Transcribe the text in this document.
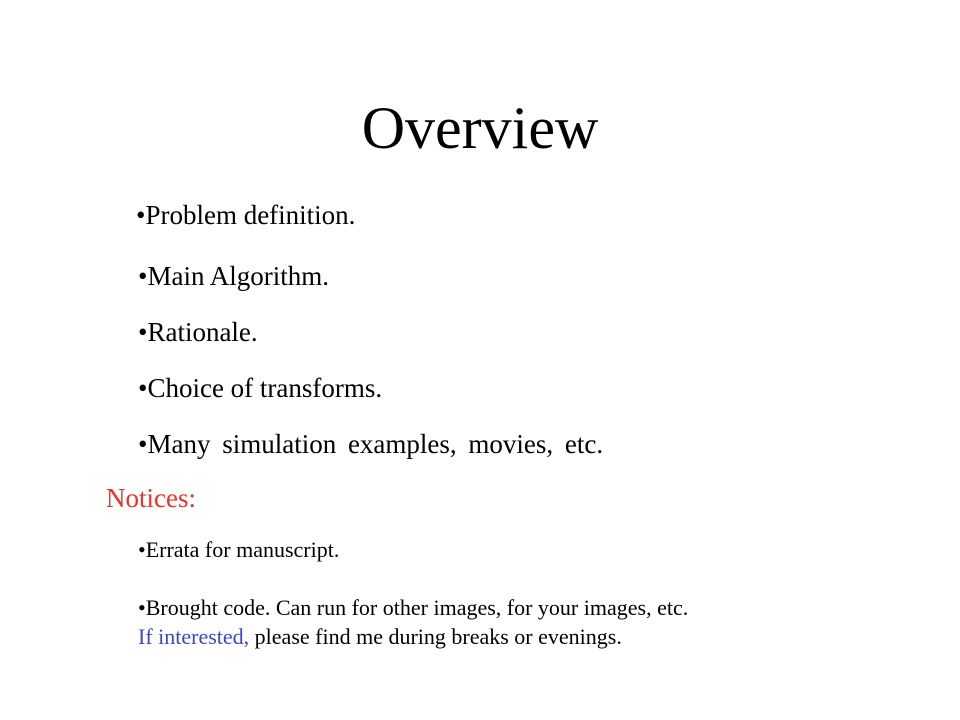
Overview
•Problem definition.
•Main Algorithm.
•Rationale.
•Choice of transforms.
•Many simulation examples, movies, etc.
Notices:
•Errata for manuscript.
•Brought code. Can run for other images, for your images, etc.
If interested, please find me during breaks or evenings.
